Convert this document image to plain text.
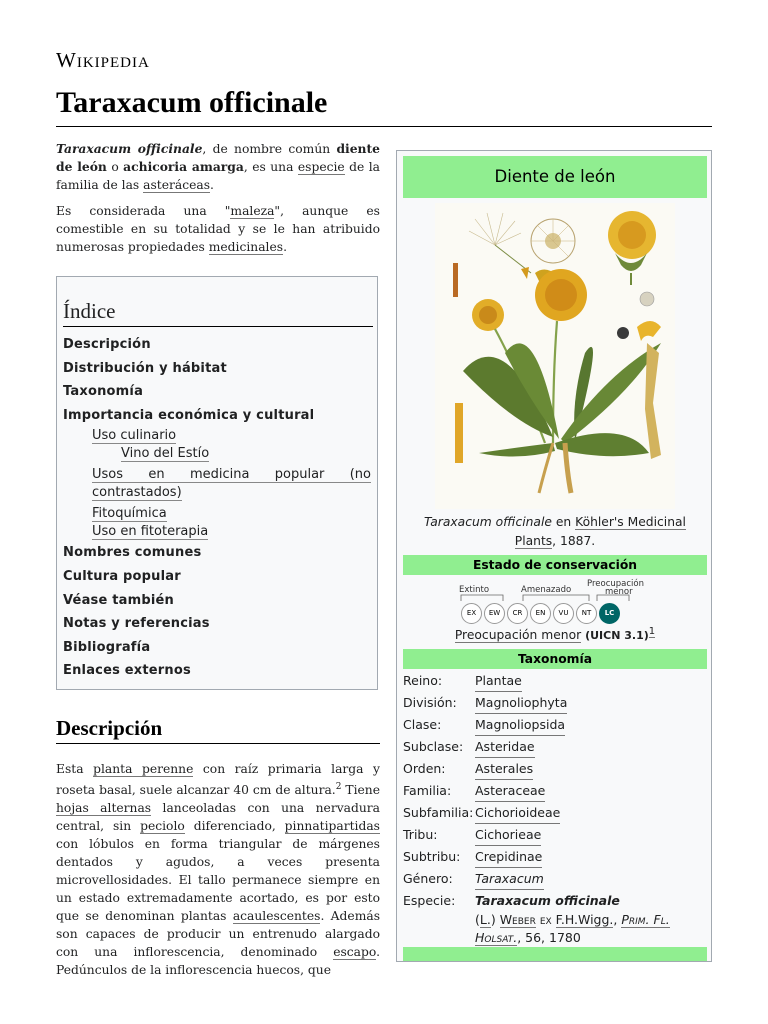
Wikipedia
Taraxacum officinale

Taraxacum officinale, de nombre común diente de león o achicoria amarga, es una especie de la familia de las asteráceas.

Es considerada una "maleza", aunque es comestible en su totalidad y se le han atribuido numerosas propiedades medicinales.

Índice
Descripción
Distribución y hábitat
Taxonomía
Importancia económica y cultural
Uso culinario
Vino del Estío
Usos en medicina popular (no contrastados)
Fitoquímica
Uso en fitoterapia
Nombres comunes
Cultura popular
Véase también
Notas y referencias
Bibliografía
Enlaces externos
Descripción

Esta planta perenne con raíz primaria larga y roseta basal, suele alcanzar 40 cm de altura.$^2$ Tiene hojas alternas lanceoladas con una nervadura central, sin peciolo diferenciado, pinnatipartidas con lóbulos en forma triangular de márgenes dentados y agudos, a veces presenta microvellosidades. El tallo permanece siempre en un estado extremadamente acortado, es por esto que se denominan plantas acaulescentes. Además son capaces de producir un entrenudo alargado con una inflorescencia, denominado escapo. Pedúnculos de la inflorescencia huecos, que

Diente de león
Taraxacum officinale en Köhler's Medicinal Plants, 1887.
Estado de conservación
Extinto	Amenazado
Preocupación
menor
EX EW CR EN VU NT LC
Preocupación menor (UICN 3.1)$^1$
Taxonomía
Reino:	Plantae
División: Magnoliophyta
Clase:	Magnoliopsida
Subclase: Asteridae
Orden: Asterales
Familia: Asteraceae
Subfamilia: Cichorioideae
Tribu:	Cichorieae
Subtribu: Crepidinae
Género: Taraxacum
Especie: Taraxacum officinale
(L.) Weber ex F.H.Wigg., Prim. Fl. Holsat., 56, 1780
